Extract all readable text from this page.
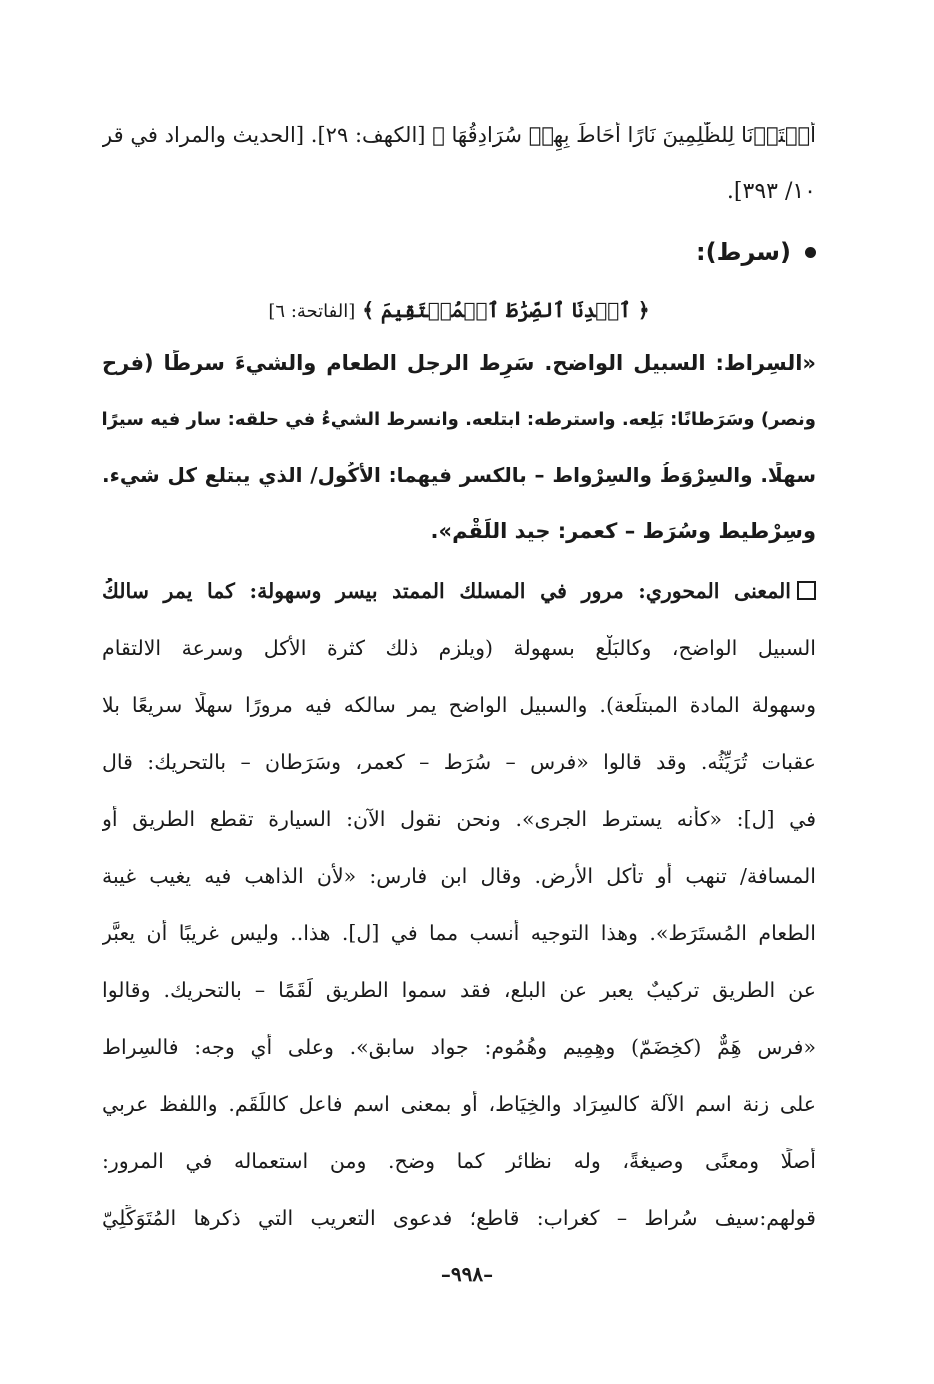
أَعۡتَدۡنَا لِلظَّٰلِمِينَ نَارًا أَحَاطَ بِهِمۡ سُرَادِقُهَا ﴾ [الكهف: ٢٩]. [الحديث والمراد في قر
١٠/ ٣٩٣].
(سرط):
﴿ ٱهۡدِنَا ٱلصِّرَٰطَ ٱلۡمُسۡتَقِيمَ ﴾ [الفاتحة: ٦]
«السِراط: السبيل الواضح. سَرِط الرجل الطعام والشيءَ سرطًا (فرح
ونصر) وسَرَطانًا: بَلِعه. واسترطه: ابتلعه. وانسرط الشيءُ في حلقه: سار فيه سيرًا
سهلًا. والسِرْوَطُ والسِرْواط – بالكسر فيهما: الأكُول/ الذي يبتلع كل شيء.
وسِرْطيط وسُرَط – كعمر: جيد اللَقْم».
المعنى المحوري: مرور في المسلك الممتد بيسر وسهولة: كما يمر سالكُ
السبيل الواضح، وكالبَلْع بسهولة (ويلزم ذلك كثرة الأكل وسرعة الالتقام
وسهولة المادة المبتلَعة). والسبيل الواضح يمر سالكه فيه مرورًا سهلًا سريعًا بلا
عقبات تُرَيِّثُه. وقد قالوا «فرس – سُرَط – كعمر، وسَرَطان – بالتحريك: قال
في [ل]: «كأنه يسترط الجرى». ونحن نقول الآن: السيارة تقطع الطريق أو
المسافة/ تنهب أو تأكل الأرض. وقال ابن فارس: «لأن الذاهب فيه يغيب غيبة
الطعام المُستَرَط». وهذا التوجيه أنسب مما في [ل]. هذا.. وليس غريبًا أن يعبَّر
عن الطريق تركيبٌ يعبر عن البلع، فقد سموا الطريق لَقَمًا – بالتحريك. وقالوا
«فرس هَِمٌّ (كخِضَمّ) وهِمِيم وهُمُوم: جواد سابق». وعلى أي وجه: فالسِراط
على زنة اسم الآلة كالسِرَاد والخِيَاط، أو بمعنى اسم فاعل كاللَقَم. واللفظ عربي
أصلًا ومعنًى وصيغةً، وله نظائر كما وضح. ومن استعماله في المرور:
قولهم:سيف سُراط – كغراب: قاطع؛ فدعوى التعريب التي ذكرها المُتَوَكِّلِيّ
–٩٩٨–
